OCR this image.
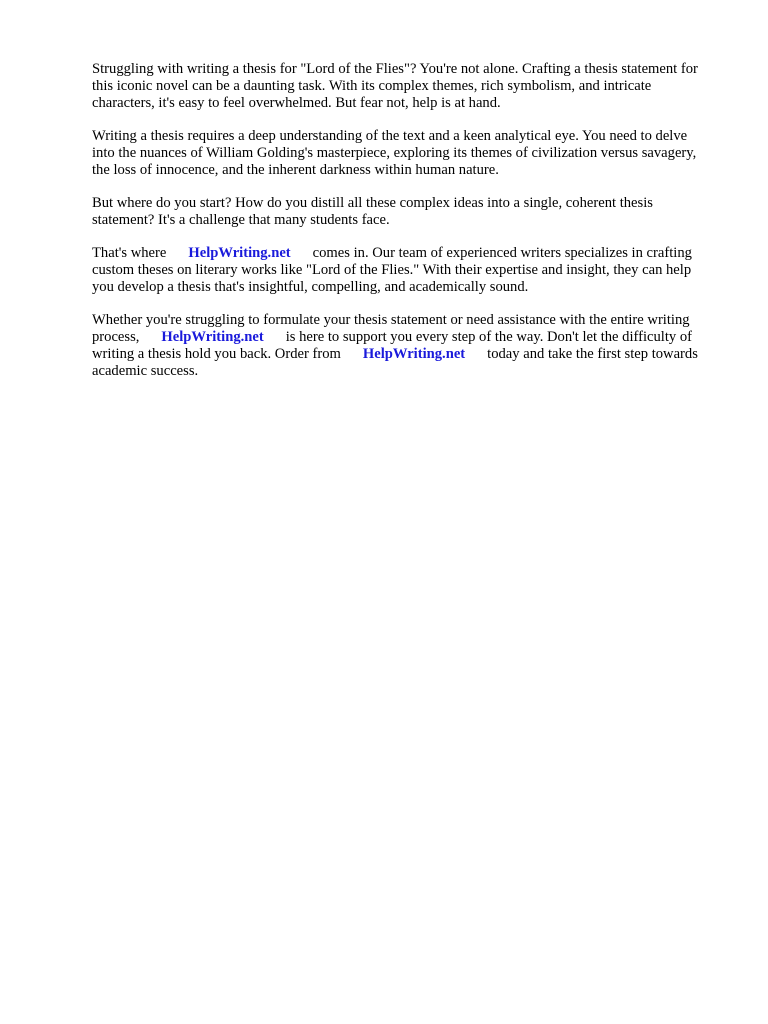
Struggling with writing a thesis for "Lord of the Flies"? You're not alone. Crafting a thesis statement for this iconic novel can be a daunting task. With its complex themes, rich symbolism, and intricate characters, it's easy to feel overwhelmed. But fear not, help is at hand.

Writing a thesis requires a deep understanding of the text and a keen analytical eye. You need to delve into the nuances of William Golding's masterpiece, exploring its themes of civilization versus savagery, the loss of innocence, and the inherent darkness within human nature.

But where do you start? How do you distill all these complex ideas into a single, coherent thesis statement? It's a challenge that many students face.

That's where HelpWriting.net comes in. Our team of experienced writers specializes in crafting custom theses on literary works like "Lord of the Flies." With their expertise and insight, they can help you develop a thesis that's insightful, compelling, and academically sound.

Whether you're struggling to formulate your thesis statement or need assistance with the entire writing process, HelpWriting.net is here to support you every step of the way. Don't let the difficulty of writing a thesis hold you back. Order from HelpWriting.net today and take the first step towards academic success.
